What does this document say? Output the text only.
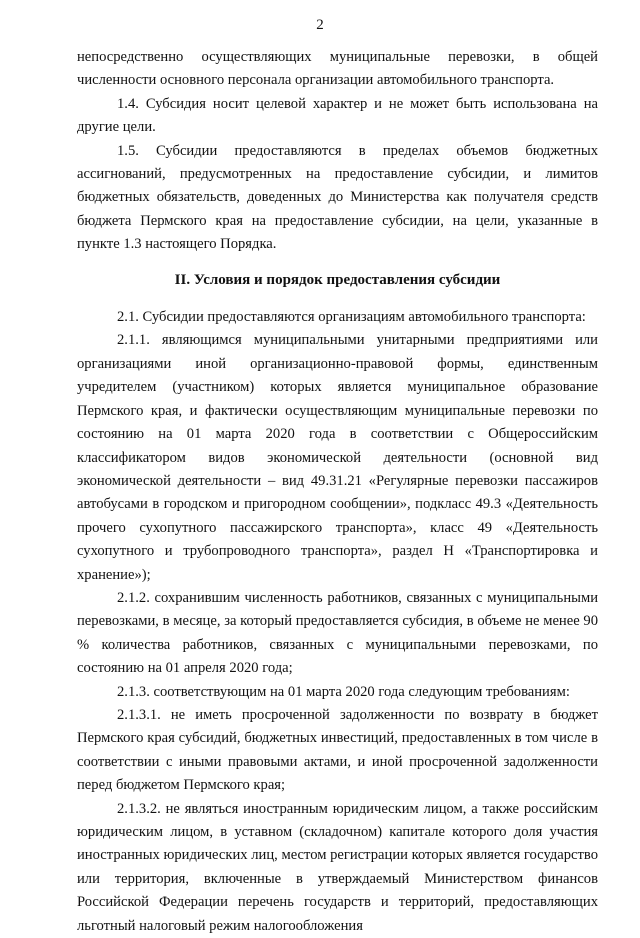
2

непосредственно осуществляющих муниципальные перевозки, в общей численности основного персонала организации автомобильного транспорта.

1.4. Субсидия носит целевой характер и не может быть использована на другие цели.

1.5. Субсидии предоставляются в пределах объемов бюджетных ассигнований, предусмотренных на предоставление субсидии, и лимитов бюджетных обязательств, доведенных до Министерства как получателя средств бюджета Пермского края на предоставление субсидии, на цели, указанные в пункте 1.3 настоящего Порядка.

II. Условия и порядок предоставления субсидии

2.1. Субсидии предоставляются организациям автомобильного транспорта:

2.1.1. являющимся муниципальными унитарными предприятиями или организациями иной организационно-правовой формы, единственным учредителем (участником) которых является муниципальное образование Пермского края, и фактически осуществляющим муниципальные перевозки по состоянию на 01 марта 2020 года в соответствии с Общероссийским классификатором видов экономической деятельности (основной вид экономической деятельности – вид 49.31.21 «Регулярные перевозки пассажиров автобусами в городском и пригородном сообщении», подкласс 49.3 «Деятельность прочего сухопутного пассажирского транспорта», класс 49 «Деятельность сухопутного и трубопроводного транспорта», раздел H «Транспортировка и хранение»);

2.1.2. сохранившим численность работников, связанных с муниципальными перевозками, в месяце, за который предоставляется субсидия, в объеме не менее 90 % количества работников, связанных с муниципальными перевозками, по состоянию на 01 апреля 2020 года;

2.1.3. соответствующим на 01 марта 2020 года следующим требованиям:

2.1.3.1. не иметь просроченной задолженности по возврату в бюджет Пермского края субсидий, бюджетных инвестиций, предоставленных в том числе в соответствии с иными правовыми актами, и иной просроченной задолженности перед бюджетом Пермского края;

2.1.3.2. не являться иностранным юридическим лицом, а также российским юридическим лицом, в уставном (складочном) капитале которого доля участия иностранных юридических лиц, местом регистрации которых является государство или территория, включенные в утверждаемый Министерством финансов Российской Федерации перечень государств и территорий, предоставляющих льготный налоговый режим налогообложения
